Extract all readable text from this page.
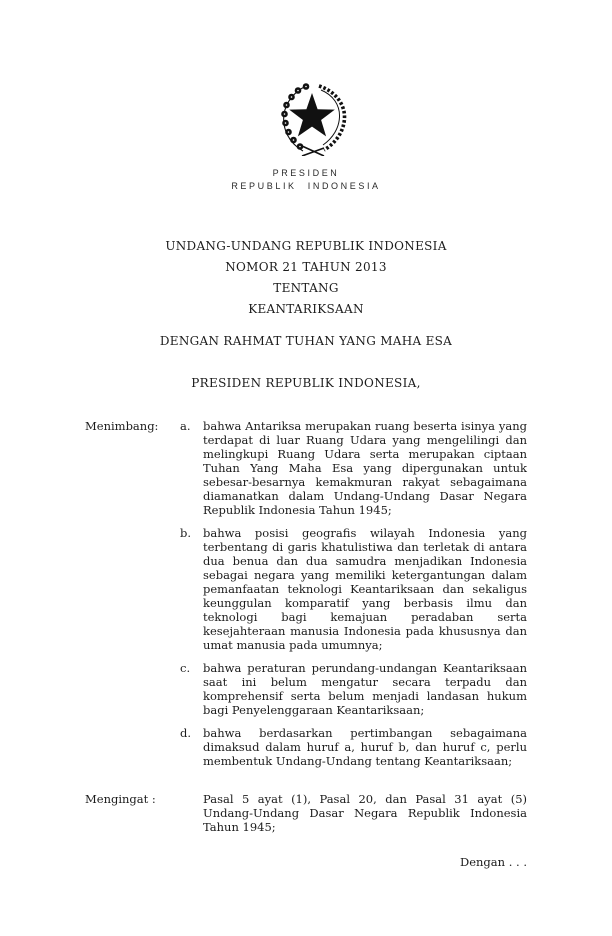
PRESIDEN
REPUBLIK INDONESIA
UNDANG-UNDANG REPUBLIK INDONESIA
NOMOR 21 TAHUN 2013
TENTANG
KEANTARIKSAAN
DENGAN RAHMAT TUHAN YANG MAHA ESA
PRESIDEN REPUBLIK INDONESIA,
Menimbang:	a.	bahwa Antariksa merupakan ruang beserta isinya yang terdapat di luar Ruang Udara yang mengelilingi dan melingkupi Ruang Udara serta merupakan ciptaan Tuhan Yang Maha Esa yang dipergunakan untuk sebesar-besarnya kemakmuran rakyat sebagaimana diamanatkan dalam Undang-Undang Dasar Negara Republik Indonesia Tahun 1945;

b.	bahwa posisi geografis wilayah Indonesia yang terbentang di garis khatulistiwa dan terletak di antara dua benua dan dua samudra menjadikan Indonesia sebagai negara yang memiliki ketergantungan dalam pemanfaatan teknologi Keantariksaan dan sekaligus keunggulan komparatif yang berbasis ilmu dan teknologi bagi kemajuan peradaban serta kesejahteraan manusia Indonesia pada khususnya dan umat manusia pada umumnya;

c.	bahwa peraturan perundang-undangan Keantariksaan saat ini belum mengatur secara terpadu dan komprehensif serta belum menjadi landasan hukum bagi Penyelenggaraan Keantariksaan;

d.	bahwa berdasarkan pertimbangan sebagaimana dimaksud dalam huruf a, huruf b, dan huruf c, perlu membentuk Undang-Undang tentang Keantariksaan;

Mengingat :	Pasal 5 ayat (1), Pasal 20, dan Pasal 31 ayat (5) Undang-Undang Dasar Negara Republik Indonesia Tahun 1945;

Dengan . . .
